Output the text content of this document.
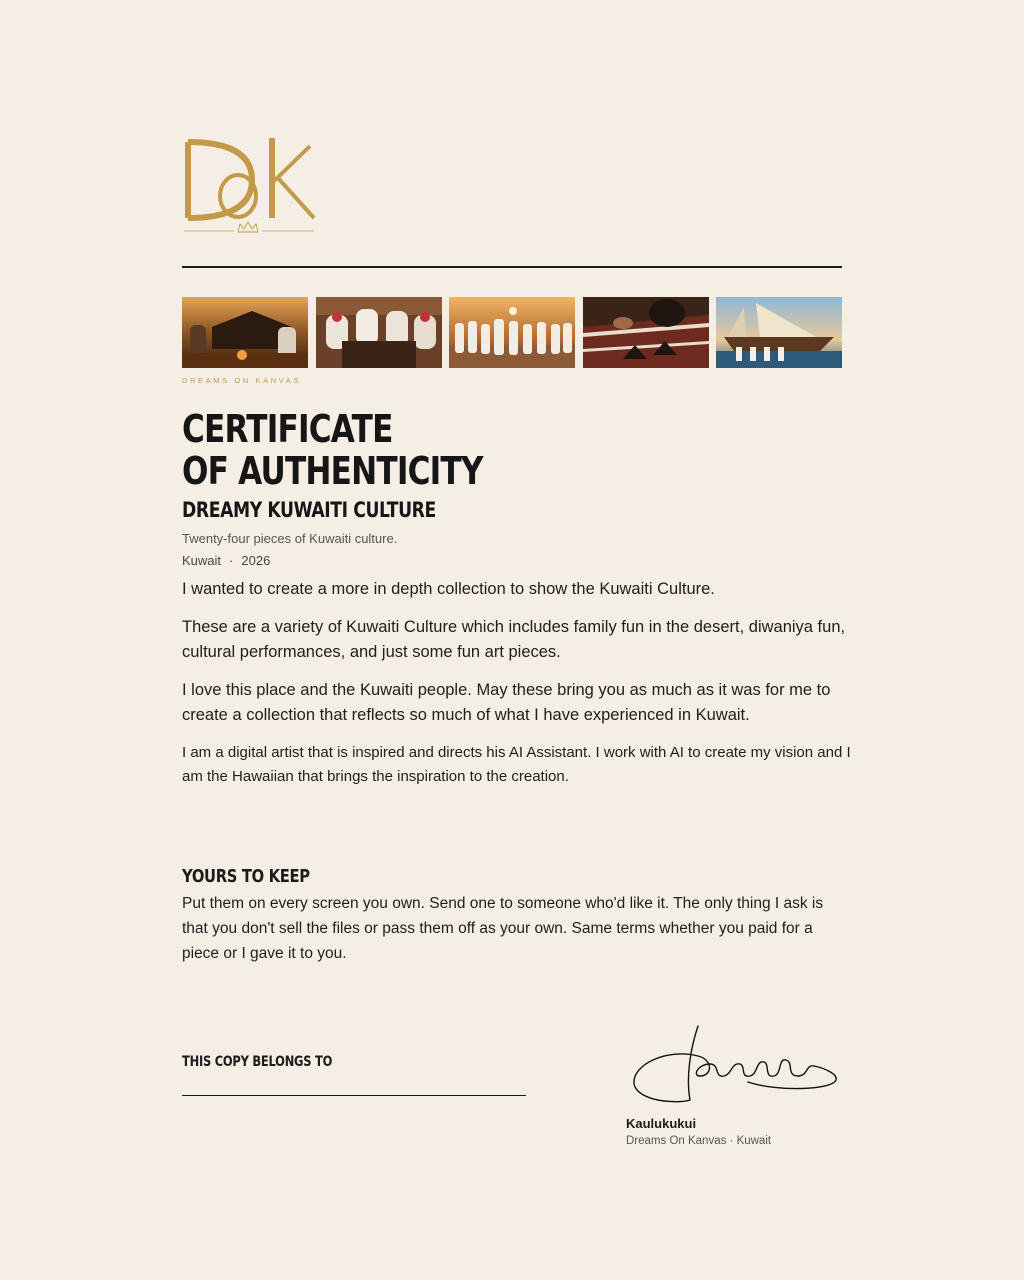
DREAMS ON KANVAS
CERTIFICATE
OF AUTHENTICITY
DREAMY KUWAITI CULTURE
Twenty-four pieces of Kuwaiti culture.
Kuwait · 2026

I wanted to create a more in depth collection to show the Kuwaiti Culture.

These are a variety of Kuwaiti Culture which includes family fun in the desert, diwaniya fun, cultural performances, and just some fun art pieces.

I love this place and the Kuwaiti people. May these bring you as much as it was for me to create a collection that reflects so much of what I have experienced in Kuwait.

I am a digital artist that is inspired and directs his AI Assistant. I work with AI to create my vision and I am the Hawaiian that brings the inspiration to the creation.

YOURS TO KEEP
Put them on every screen you own. Send one to someone who'd like it. The only thing I ask is that you don't sell the files or pass them off as your own. Same terms whether you paid for a piece or I gave it to you.
THIS COPY BELONGS TO
Kaulukukui
Dreams On Kanvas · Kuwait
